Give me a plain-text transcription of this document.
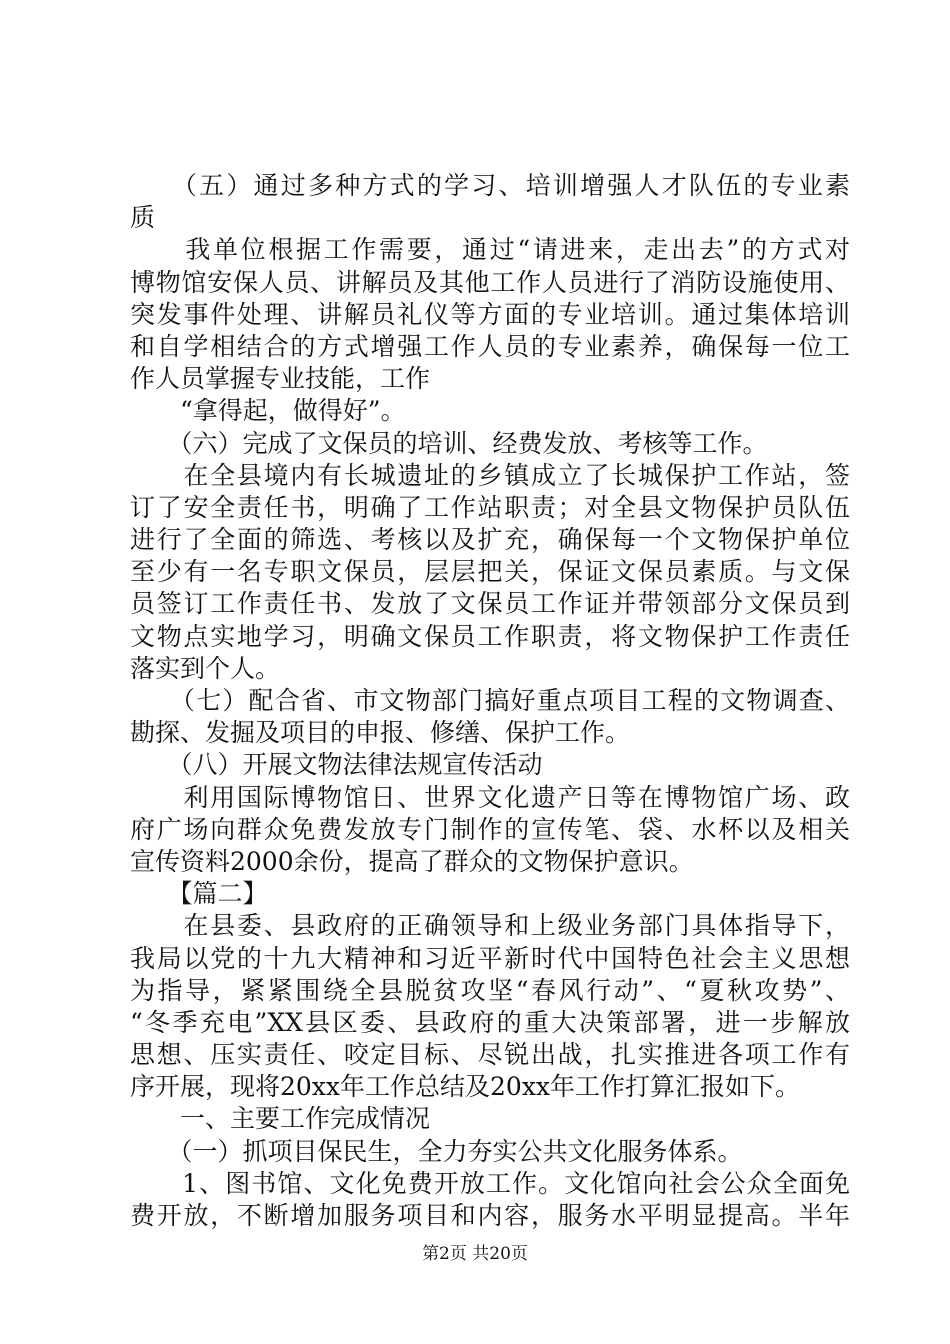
　　（五）通过多种方式的学习、培训增强人才队伍的专业素
质
　　我单位根据工作需要，通过“请进来，走出去”的方式对
博物馆安保人员、讲解员及其他工作人员进行了消防设施使用、
突发事件处理、讲解员礼仪等方面的专业培训。通过集体培训
和自学相结合的方式增强工作人员的专业素养，确保每一位工
作人员掌握专业技能，工作
　　“拿得起，做得好”。
　　（六）完成了文保员的培训、经费发放、考核等工作。
　　在全县境内有长城遗址的乡镇成立了长城保护工作站，签
订了安全责任书，明确了工作站职责；对全县文物保护员队伍
进行了全面的筛选、考核以及扩充，确保每一个文物保护单位
至少有一名专职文保员，层层把关，保证文保员素质。与文保
员签订工作责任书、发放了文保员工作证并带领部分文保员到
文物点实地学习，明确文保员工作职责，将文物保护工作责任
落实到个人。
　　（七）配合省、市文物部门搞好重点项目工程的文物调查、
勘探、发掘及项目的申报、修缮、保护工作。
　　（八）开展文物法律法规宣传活动
　　利用国际博物馆日、世界文化遗产日等在博物馆广场、政
府广场向群众免费发放专门制作的宣传笔、袋、水杯以及相关
宣传资料2000余份，提高了群众的文物保护意识。
　　【篇二】
　　在县委、县政府的正确领导和上级业务部门具体指导下，
我局以党的十九大精神和习近平新时代中国特色社会主义思想
为指导，紧紧围绕全县脱贫攻坚“春风行动”、“夏秋攻势”、
“冬季充电”XX县区委、县政府的重大决策部署，进一步解放
思想、压实责任、咬定目标、尽锐出战，扎实推进各项工作有
序开展，现将20xx年工作总结及20xx年工作打算汇报如下。
　　一、主要工作完成情况
　　（一）抓项目保民生，全力夯实公共文化服务体系。
　　1、图书馆、文化免费开放工作。文化馆向社会公众全面免
费开放，不断增加服务项目和内容，服务水平明显提高。半年
第2页 共20页
